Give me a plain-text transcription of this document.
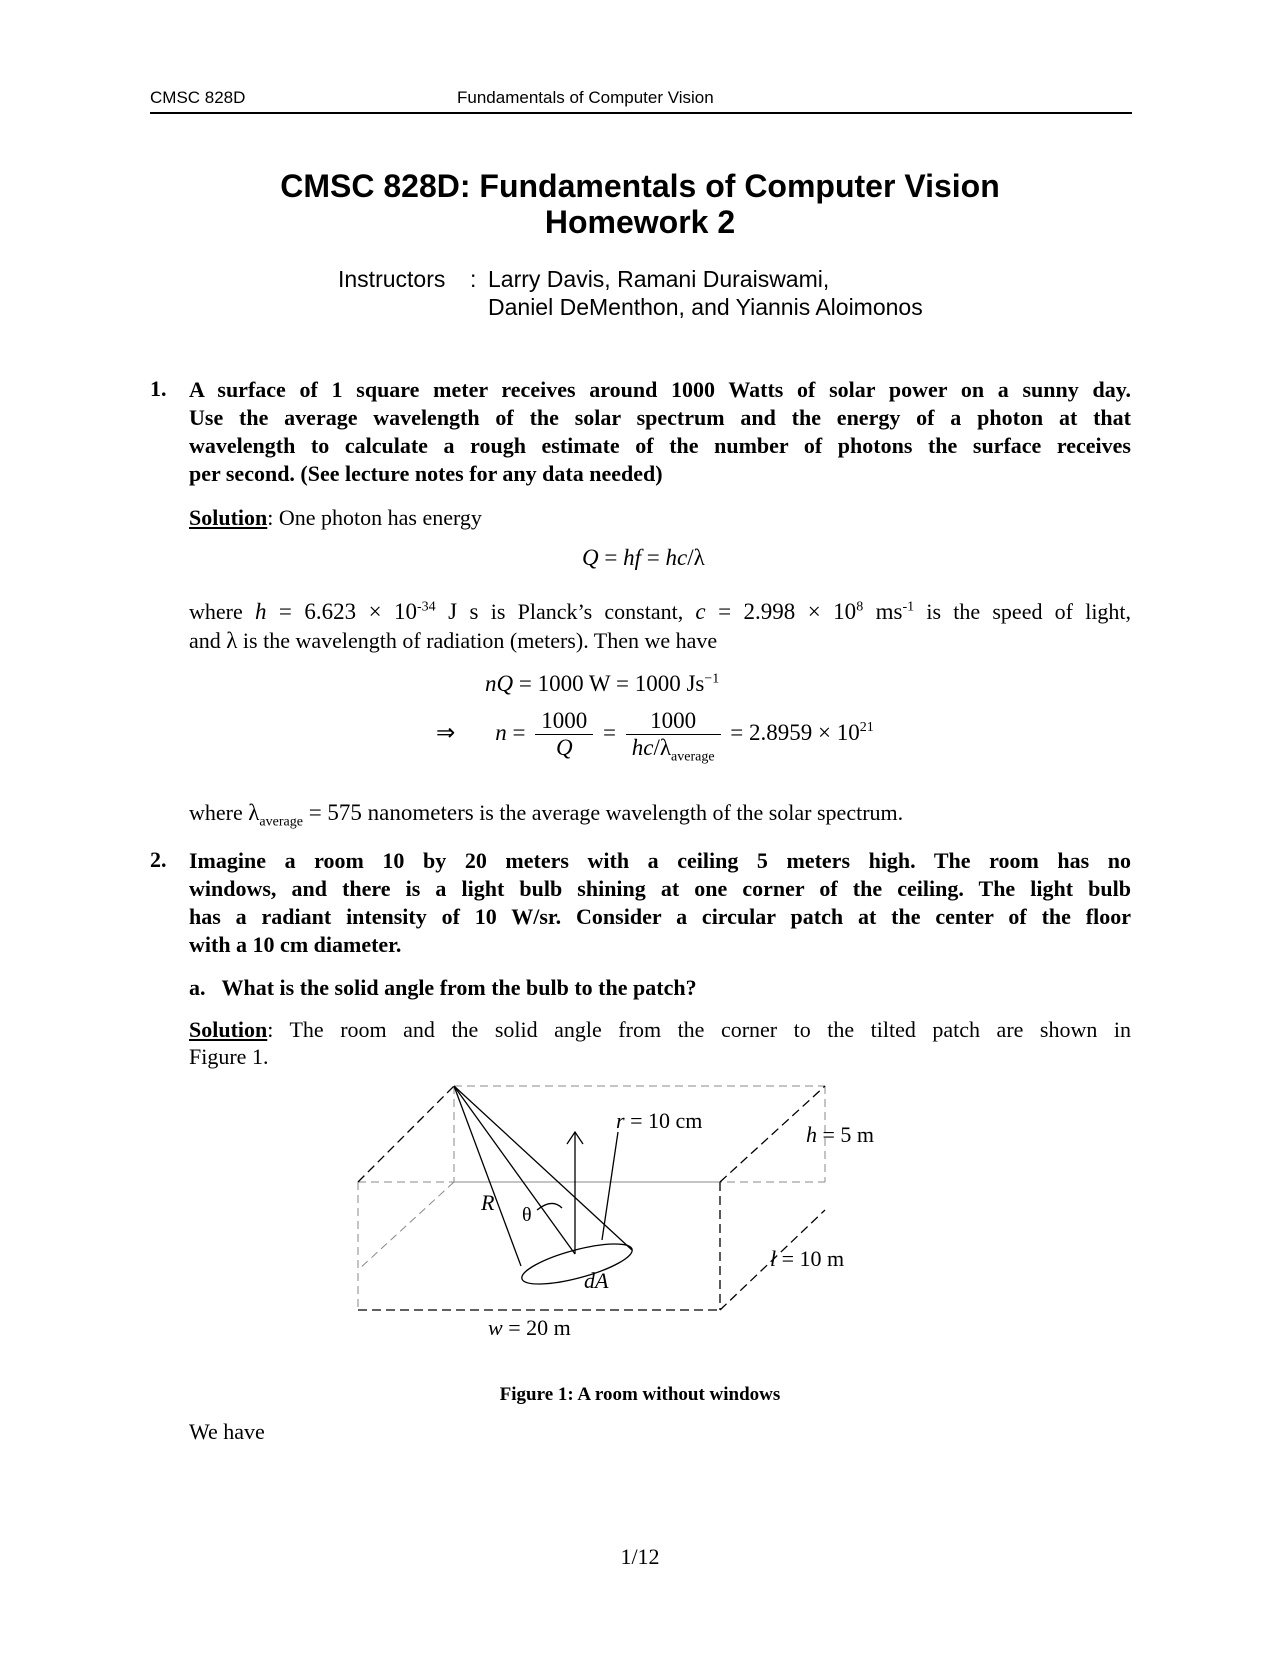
CMSC 828D	Fundamentals of Computer Vision
CMSC 828D: Fundamentals of Computer Vision
Homework 2
Instructors : Larry Davis, Ramani Duraiswami,
Daniel DeMenthon, and Yiannis Aloimonos
1. A surface of 1 square meter receives around 1000 Watts of solar power on a sunny day.
Use the average wavelength of the solar spectrum and the energy of a photon at that
wavelength to calculate a rough estimate of the number of photons the surface receives
per second. (See lecture notes for any data needed)
Solution: One photon has energy
Q = hf = hc/λ
where $h = 6.623 \times 10^{-34}$ J s is Planck’s constant, $c = 2.998 \times 10^8$ $ms^{-1}$ is the speed of light,
and λ is the wavelength of radiation (meters). Then we have
nQ = 1000 W = 1000 $Js^{-1}$
⇒ $n = \frac{1000}{Q} = \frac{1000}{hc/\lambda_{average}} = 2.8959 \times 10^{21}$
where $\lambda_{average} = 575$ nanometers is the average wavelength of the solar spectrum.
2. Imagine a room 10 by 20 meters with a ceiling 5 meters high. The room has no
windows, and there is a light bulb shining at one corner of the ceiling. The light bulb
has a radiant intensity of 10 W/sr. Consider a circular patch at the center of the floor
with a 10 cm diameter.
a. What is the solid angle from the bulb to the patch?
Solution: The room and the solid angle from the corner to the tilted patch are shown in
Figure 1.
r = 10 cm
h = 5 m
R θ
dA
l = 10 m
w = 20 m
Figure 1: A room without windows
We have
1/12
